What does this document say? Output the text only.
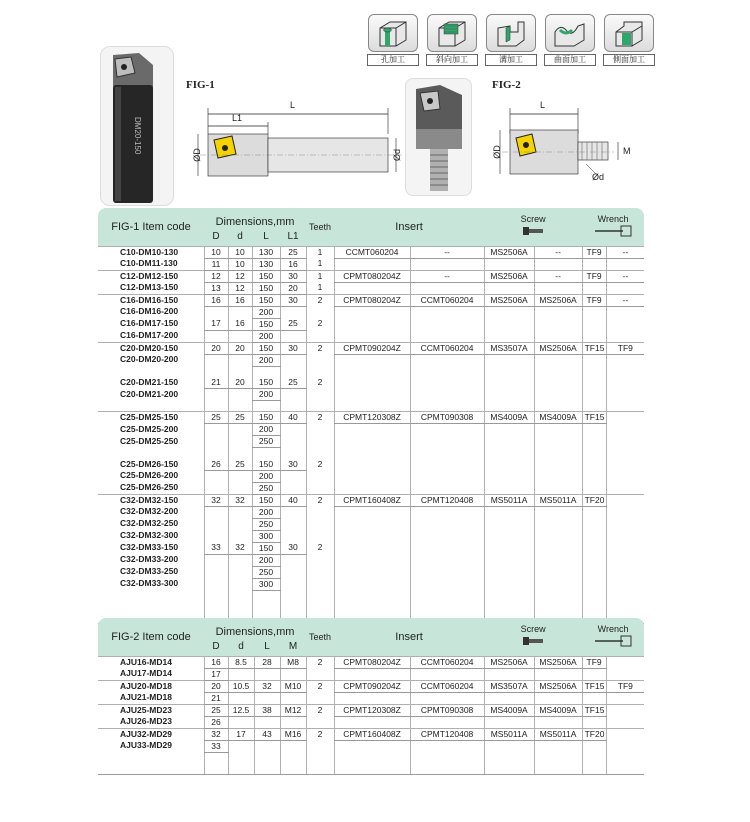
孔加工	斜向加工	溝加工	曲面加工	側面加工
DM20-150
FIG-1
L
L1
ØD	Ød
FIG-2
L
ØD	M
Ød
FIG-1 Item code	Dimensions,mm				Teeth	Insert		Screw		Wrench	

	D	d	L	L1							
C10-DM10-130	10	10	130	25	1	CCMT060204	--	MS2506A	--	TF9	--
C10-DM11-130	11	10	130	16	1						
C12-DM12-150	12	12	150	30	1	CPMT080204Z	--	MS2506A	--	TF9	--
C12-DM13-150	13	12	150	20	1						
C16-DM16-150	16	16	150	30	2	CPMT080204Z	CCMT060204	MS2506A	MS2506A	TF9	--
C16-DM16-200			200								
C16-DM17-150	17	16	150	25	2						
C16-DM17-200			200								
C20-DM20-150	20	20	150	30	2	CPMT090204Z	CCMT060204	MS3507A	MS2506A	TF15	TF9
C20-DM20-200			200								

C20-DM21-150	21	20	150	25	2						
C20-DM21-200			200								

C25-DM25-150	25	25	150	40	2	CPMT120308Z	CPMT090308	MS4009A	MS4009A	TF15	
C25-DM25-200			200								
C25-DM25-250			250								

C25-DM26-150	26	25	150	30	2						
C25-DM26-200			200								
C25-DM26-250			250								
C32-DM32-150	32	32	150	40	2	CPMT160408Z	CPMT120408	MS5011A	MS5011A	TF20	
C32-DM32-200			200								
C32-DM32-250			250								
C32-DM32-300			300								
C32-DM33-150	33	32	150	30	2						
C32-DM33-200			200								
C32-DM33-250			250								
C32-DM33-300			300								

FIG-2 Item code	Dimensions,mm				Teeth	Insert		Screw		Wrench	

	D	d	L	M							
AJU16-MD14	16	8.5	28	M8	2	CPMT080204Z	CCMT060204	MS2506A	MS2506A	TF9	
AJU17-MD14	17										
AJU20-MD18	20	10.5	32	M10	2	CPMT090204Z	CCMT060204	MS3507A	MS2506A	TF15	TF9
AJU21-MD18	21										
AJU25-MD23	25	12.5	38	M12	2	CPMT120308Z	CPMT090308	MS4009A	MS4009A	TF15	
AJU26-MD23	26										
AJU32-MD29	32	17	43	M16	2	CPMT160408Z	CPMT120408	MS5011A	MS5011A	TF20	
AJU33-MD29	33										
